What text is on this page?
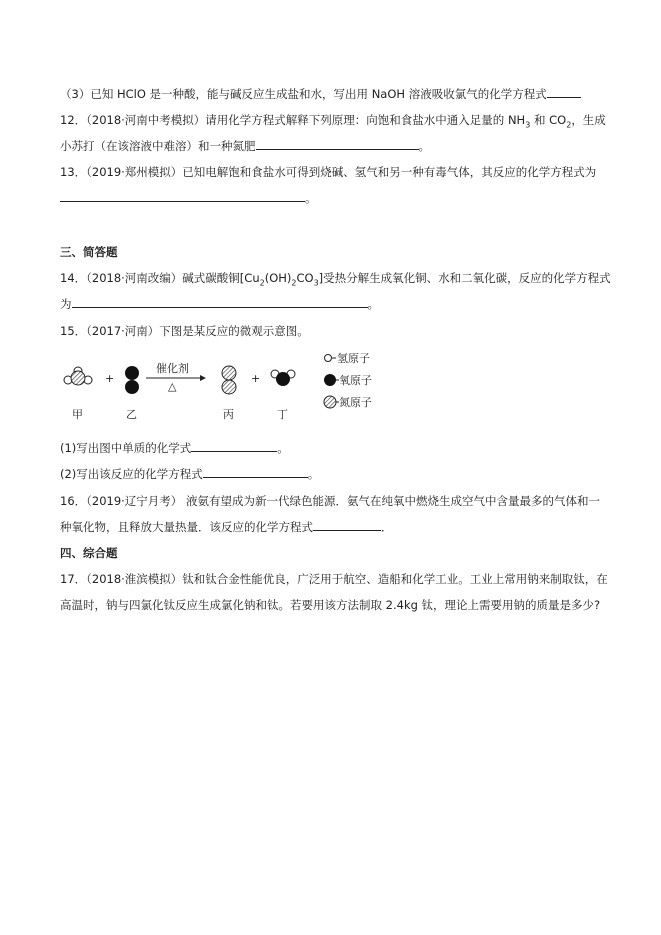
（3）已知 HClO 是一种酸，能与碱反应生成盐和水，写出用 NaOH 溶液吸收氯气的化学方程式
12．（2018·河南中考模拟）请用化学方程式解释下列原理：向饱和食盐水中通入足量的 $NH_3$ 和 $CO_2$，生成
小苏打（在该溶液中难溶）和一种氮肥	。
13．（2019·郑州模拟）已知电解饱和食盐水可得到烧碱、氢气和另一种有毒气体，其反应的化学方程式为
。
三、简答题
14．（2018·河南改编）碱式碳酸铜$[Cu_2(OH)_2CO_3]$受热分解生成氧化铜、水和二氧化碳，反应的化学方程式
为	。
15．（2017·河南）下图是某反应的微观示意图。
+
催化剂
△
+
甲	乙	丙	丁
氢原子
氧原子
氮原子
(1)写出图中单质的化学式	。
(2)写出该反应的化学方程式	。
16．（2019·辽宁月考） 液氨有望成为新一代绿色能源．氨气在纯氧中燃烧生成空气中含量最多的气体和一
种氧化物，且释放大量热量．该反应的化学方程式	．
四、综合题
17．（2018·淮滨模拟）钛和钛合金性能优良，广泛用于航空、造船和化学工业。工业上常用钠来制取钛，在
高温时，钠与四氯化钛反应生成氯化钠和钛。若要用该方法制取 2.4kg 钛，理论上需要用钠的质量是多少?
